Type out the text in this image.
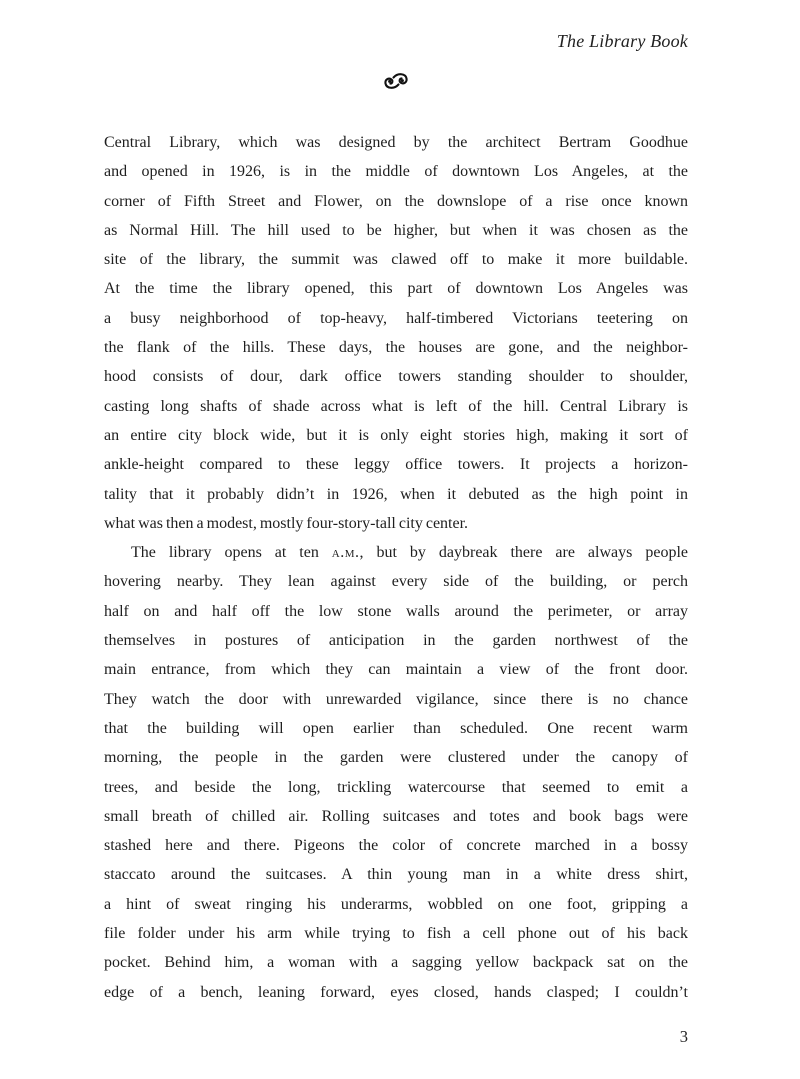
The Library Book
Central Library, which was designed by the architect Bertram Goodhue
and opened in 1926, is in the middle of downtown Los Angeles, at the
corner of Fifth Street and Flower, on the downslope of a rise once known
as Normal Hill. The hill used to be higher, but when it was chosen as the
site of the library, the summit was clawed off to make it more buildable.
At the time the library opened, this part of downtown Los Angeles was
a busy neighborhood of top-heavy, half-timbered Victorians teetering on
the flank of the hills. These days, the houses are gone, and the neighbor-
hood consists of dour, dark office towers standing shoulder to shoulder,
casting long shafts of shade across what is left of the hill. Central Library is
an entire city block wide, but it is only eight stories high, making it sort of
ankle-height compared to these leggy office towers. It projects a horizon-
tality that it probably didn’t in 1926, when it debuted as the high point in
what was then a modest, mostly four-story-tall city center.
The library opens at ten a.m., but by daybreak there are always people
hovering nearby. They lean against every side of the building, or perch
half on and half off the low stone walls around the perimeter, or array
themselves in postures of anticipation in the garden northwest of the
main entrance, from which they can maintain a view of the front door.
They watch the door with unrewarded vigilance, since there is no chance
that the building will open earlier than scheduled. One recent warm
morning, the people in the garden were clustered under the canopy of
trees, and beside the long, trickling watercourse that seemed to emit a
small breath of chilled air. Rolling suitcases and totes and book bags were
stashed here and there. Pigeons the color of concrete marched in a bossy
staccato around the suitcases. A thin young man in a white dress shirt,
a hint of sweat ringing his underarms, wobbled on one foot, gripping a
file folder under his arm while trying to fish a cell phone out of his back
pocket. Behind him, a woman with a sagging yellow backpack sat on the
edge of a bench, leaning forward, eyes closed, hands clasped; I couldn’t
3
